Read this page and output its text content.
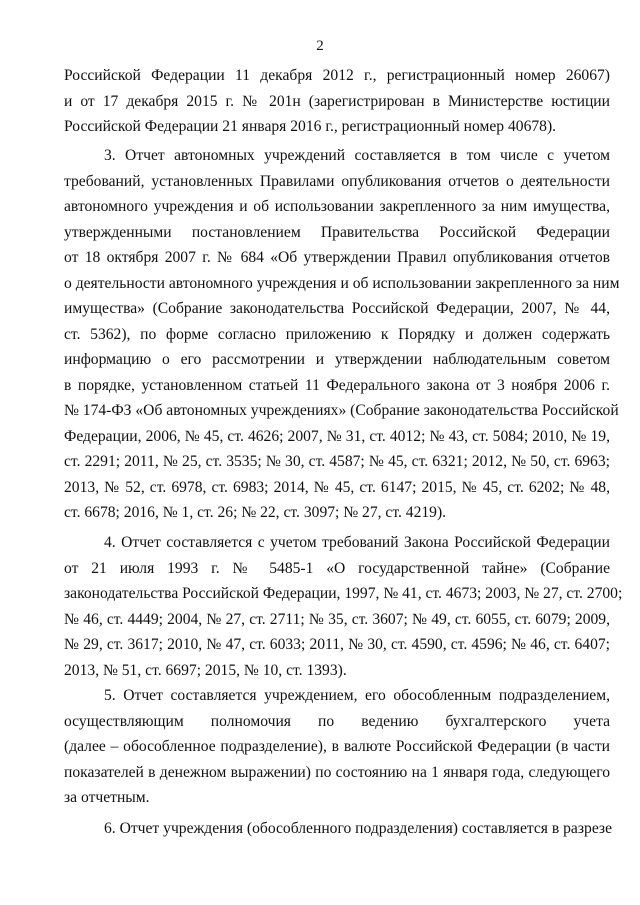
2
Российской Федерации 11 декабря 2012 г., регистрационный номер 26067)
и от 17 декабря 2015 г. № 201н (зарегистрирован в Министерстве юстиции
Российской Федерации 21 января 2016 г., регистрационный номер 40678).
3. Отчет автономных учреждений составляется в том числе с учетом
требований, установленных Правилами опубликования отчетов о деятельности
автономного учреждения и об использовании закрепленного за ним имущества,
утвержденными постановлением Правительства Российской Федерации
от 18 октября 2007 г. № 684 «Об утверждении Правил опубликования отчетов
о деятельности автономного учреждения и об использовании закрепленного за ним
имущества» (Собрание законодательства Российской Федерации, 2007, № 44,
ст. 5362), по форме согласно приложению к Порядку и должен содержать
информацию о его рассмотрении и утверждении наблюдательным советом
в порядке, установленном статьей 11 Федерального закона от 3 ноября 2006 г.
№ 174-ФЗ «Об автономных учреждениях» (Собрание законодательства Российской
Федерации, 2006, № 45, ст. 4626; 2007, № 31, ст. 4012; № 43, ст. 5084; 2010, № 19,
ст. 2291; 2011, № 25, ст. 3535; № 30, ст. 4587; № 45, ст. 6321; 2012, № 50, ст. 6963;
2013, № 52, ст. 6978, ст. 6983; 2014, № 45, ст. 6147; 2015, № 45, ст. 6202; № 48,
ст. 6678; 2016, № 1, ст. 26; № 22, ст. 3097; № 27, ст. 4219).
4. Отчет составляется с учетом требований Закона Российской Федерации
от 21 июля 1993 г. № 5485-1 «О государственной тайне» (Собрание
законодательства Российской Федерации, 1997, № 41, ст. 4673; 2003, № 27, ст. 2700;
№ 46, ст. 4449; 2004, № 27, ст. 2711; № 35, ст. 3607; № 49, ст. 6055, ст. 6079; 2009,
№ 29, ст. 3617; 2010, № 47, ст. 6033; 2011, № 30, ст. 4590, ст. 4596; № 46, ст. 6407;
2013, № 51, ст. 6697; 2015, № 10, ст. 1393).
5. Отчет составляется учреждением, его обособленным подразделением,
осуществляющим полномочия по ведению бухгалтерского учета
(далее – обособленное подразделение), в валюте Российской Федерации (в части
показателей в денежном выражении) по состоянию на 1 января года, следующего
за отчетным.
6. Отчет учреждения (обособленного подразделения) составляется в разрезе
